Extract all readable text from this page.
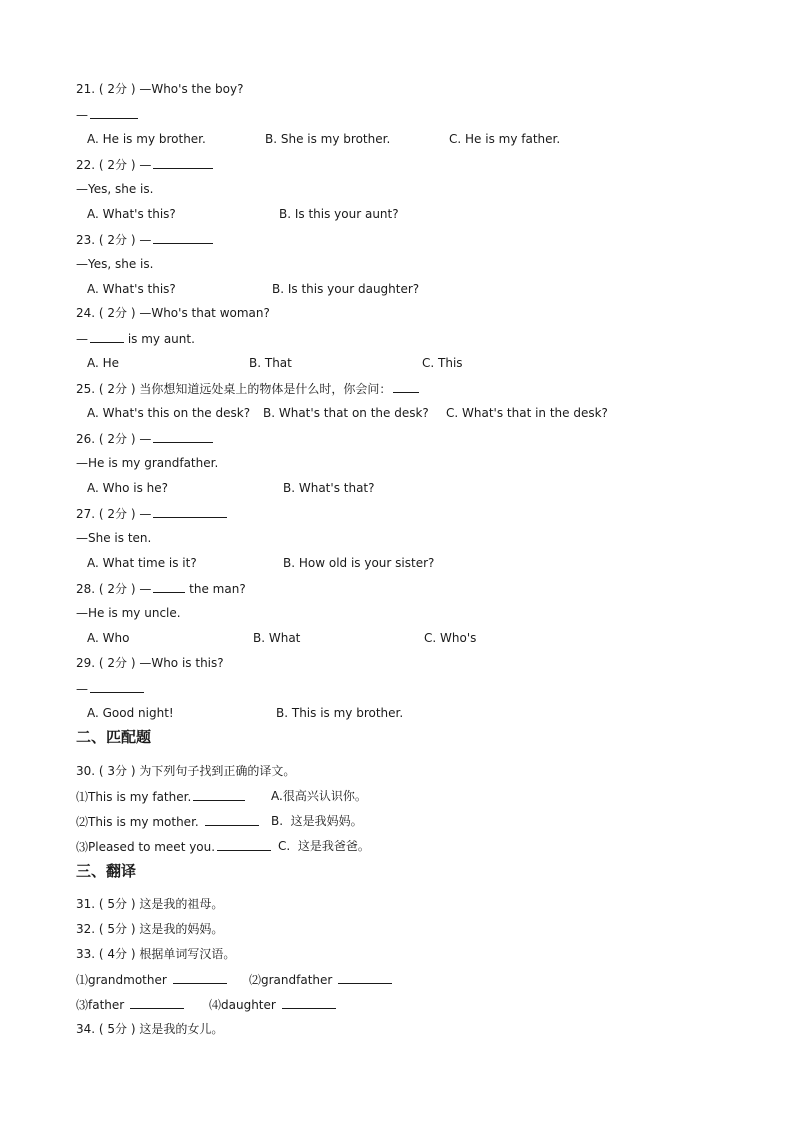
21. ( 2分 ) —Who's the boy?
—
A. He is my brother.	B. She is my brother.	C. He is my father.
22. ( 2分 ) —
—Yes, she is.
A. What's this?	B. Is this your aunt?
23. ( 2分 ) —
—Yes, she is.
A. What's this?	B. Is this your daughter?
24. ( 2分 ) —Who's that woman?
—	is my aunt.
A. He	B. That	C. This
25. ( 2分 ) 当你想知道远处桌上的物体是什么时，你会问：
A. What's this on the desk? B. What's that on the desk? C. What's that in the desk?
26. ( 2分 ) —
—He is my grandfather.
A. Who is he?	B. What's that?
27. ( 2分 ) —
—She is ten.
A. What time is it?	B. How old is your sister?
28. ( 2分 ) —	the man?
—He is my uncle.
A. Who	B. What	C. Who's
29. ( 2分 ) —Who is this?
—
A. Good night!	B. This is my brother.
二、匹配题
30. ( 3分 ) 为下列句子找到正确的译文。
⑴This is my father.	A.很高兴认识你。
⑵This is my mother.	B.  这是我妈妈。
⑶Pleased to meet you.	C.  这是我爸爸。
三、翻译
31. ( 5分 ) 这是我的祖母。
32. ( 5分 ) 这是我的妈妈。
33. ( 4分 ) 根据单词写汉语。
⑴grandmother	⑵grandfather
⑶father	⑷daughter
34. ( 5分 ) 这是我的女儿。
